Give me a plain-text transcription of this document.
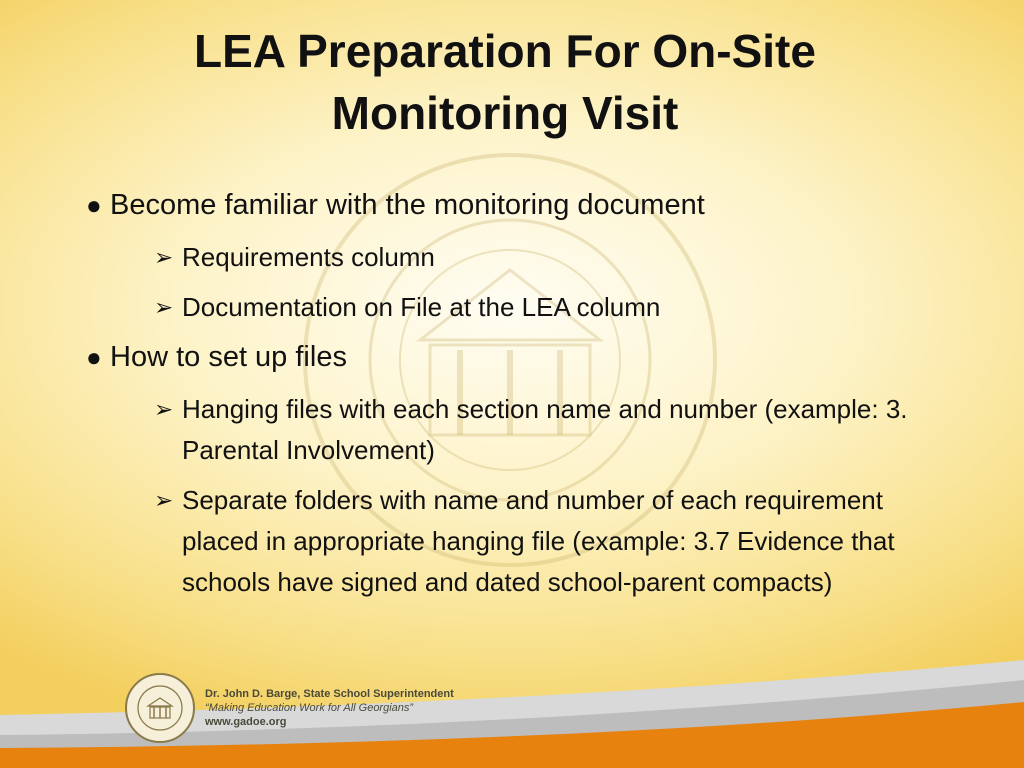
LEA Preparation For On-Site
Monitoring Visit
● Become familiar with the monitoring document
➢ Requirements column
➢ Documentation on File at the LEA column
● How to set up files
➢ Hanging files with each section name and number (example: 3. Parental Involvement)
➢ Separate folders with name and number of each requirement placed in appropriate hanging file (example: 3.7 Evidence that schools have signed and dated school-parent compacts)
Dr. John D. Barge, State School Superintendent
“Making Education Work for All Georgians”
www.gadoe.org
